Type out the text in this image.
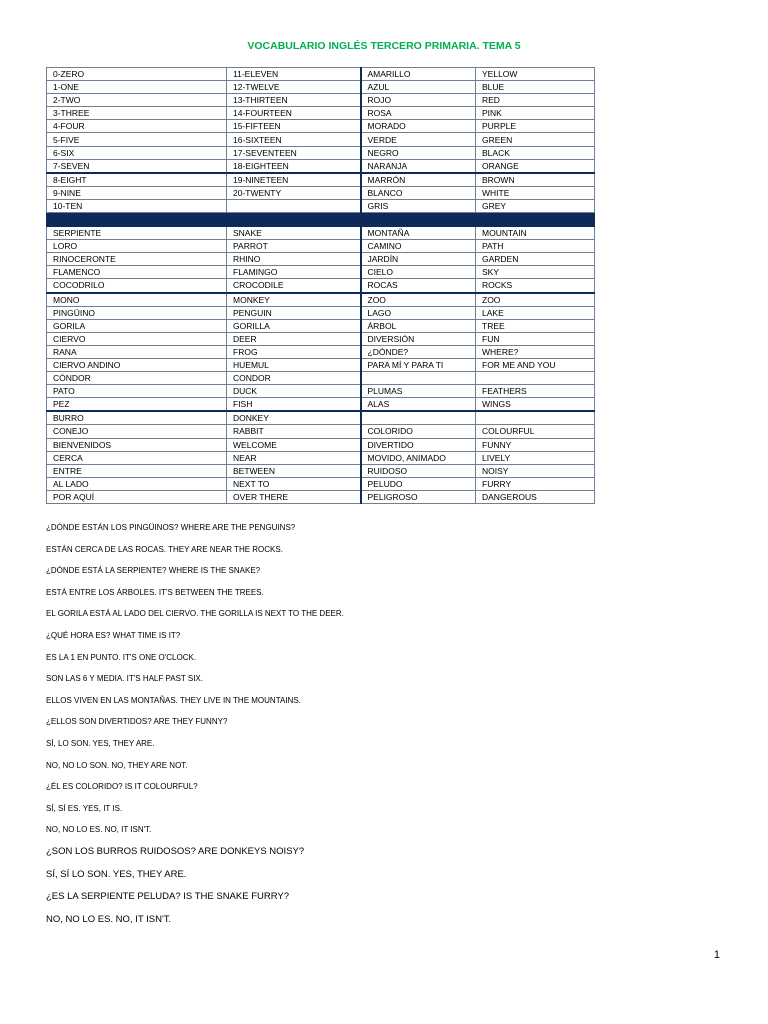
VOCABULARIO INGLÉS TERCERO PRIMARIA. TEMA 5
0-ZERO	11-ELEVEN	AMARILLO	YELLOW
1-ONE	12-TWELVE	AZUL	BLUE
2-TWO	13-THIRTEEN	ROJO	RED
3-THREE	14-FOURTEEN	ROSA	PINK
4-FOUR	15-FIFTEEN	MORADO	PURPLE
5-FIVE	16-SIXTEEN	VERDE	GREEN
6-SIX	17-SEVENTEEN	NEGRO	BLACK
7-SEVEN	18-EIGHTEEN	NARANJA	ORANGE
8-EIGHT	19-NINETEEN	MARRÓN	BROWN
9-NINE	20-TWENTY	BLANCO	WHITE
10-TEN		GRIS	GREY

SERPIENTE	SNAKE	MONTAÑA	MOUNTAIN
LORO	PARROT	CAMINO	PATH
RINOCERONTE	RHINO	JARDÍN	GARDEN
FLAMENCO	FLAMINGO	CIELO	SKY
COCODRILO	CROCODILE	ROCAS	ROCKS
MONO	MONKEY	ZOO	ZOO
PINGÜINO	PENGUIN	LAGO	LAKE
GORILA	GORILLA	ÁRBOL	TREE
CIERVO	DEER	DIVERSIÓN	FUN
RANA	FROG	¿DÓNDE?	WHERE?
CIERVO ANDINO	HUEMUL	PARA MÍ Y PARA TI	FOR ME AND YOU
CÓNDOR	CONDOR		
PATO	DUCK	PLUMAS	FEATHERS
PEZ	FISH	ALAS	WINGS
BURRO	DONKEY		
CONEJO	RABBIT	COLORIDO	COLOURFUL
BIENVENIDOS	WELCOME	DIVERTIDO	FUNNY
CERCA	NEAR	MOVIDO, ANIMADO	LIVELY
ENTRE	BETWEEN	RUIDOSO	NOISY
AL LADO	NEXT TO	PELUDO	FURRY
POR AQUÍ	OVER THERE	PELIGROSO	DANGEROUS
¿DÓNDE ESTÁN LOS PINGÜINOS? WHERE ARE THE PENGUINS?
ESTÁN CERCA DE LAS ROCAS. THEY ARE NEAR THE ROCKS.
¿DÓNDE ESTÁ LA SERPIENTE? WHERE IS THE SNAKE?
ESTÁ ENTRE LOS ÁRBOLES. IT'S BETWEEN THE TREES.
EL GORILA ESTÁ AL LADO DEL CIERVO. THE GORILLA IS NEXT TO THE DEER.
¿QUÉ HORA ES? WHAT TIME IS IT?
ES LA 1 EN PUNTO. IT'S ONE O'CLOCK.
SON LAS 6 Y MEDIA. IT'S HALF PAST SIX.
ELLOS VIVEN EN LAS MONTAÑAS. THEY LIVE IN THE MOUNTAINS.
¿ELLOS SON DIVERTIDOS? ARE THEY FUNNY?
SÍ, LO SON. YES, THEY ARE.
NO, NO LO SON. NO, THEY ARE NOT.
¿ÉL ES COLORIDO? IS IT COLOURFUL?
SÍ, SÍ ES. YES, IT IS.
NO, NO LO ES. NO, IT ISN'T.
¿SON LOS BURROS RUIDOSOS? ARE DONKEYS NOISY?
SÍ, SÍ LO SON. YES, THEY ARE.
¿ES LA SERPIENTE PELUDA? IS THE SNAKE FURRY?
NO, NO LO ES. NO, IT ISN'T.
1
